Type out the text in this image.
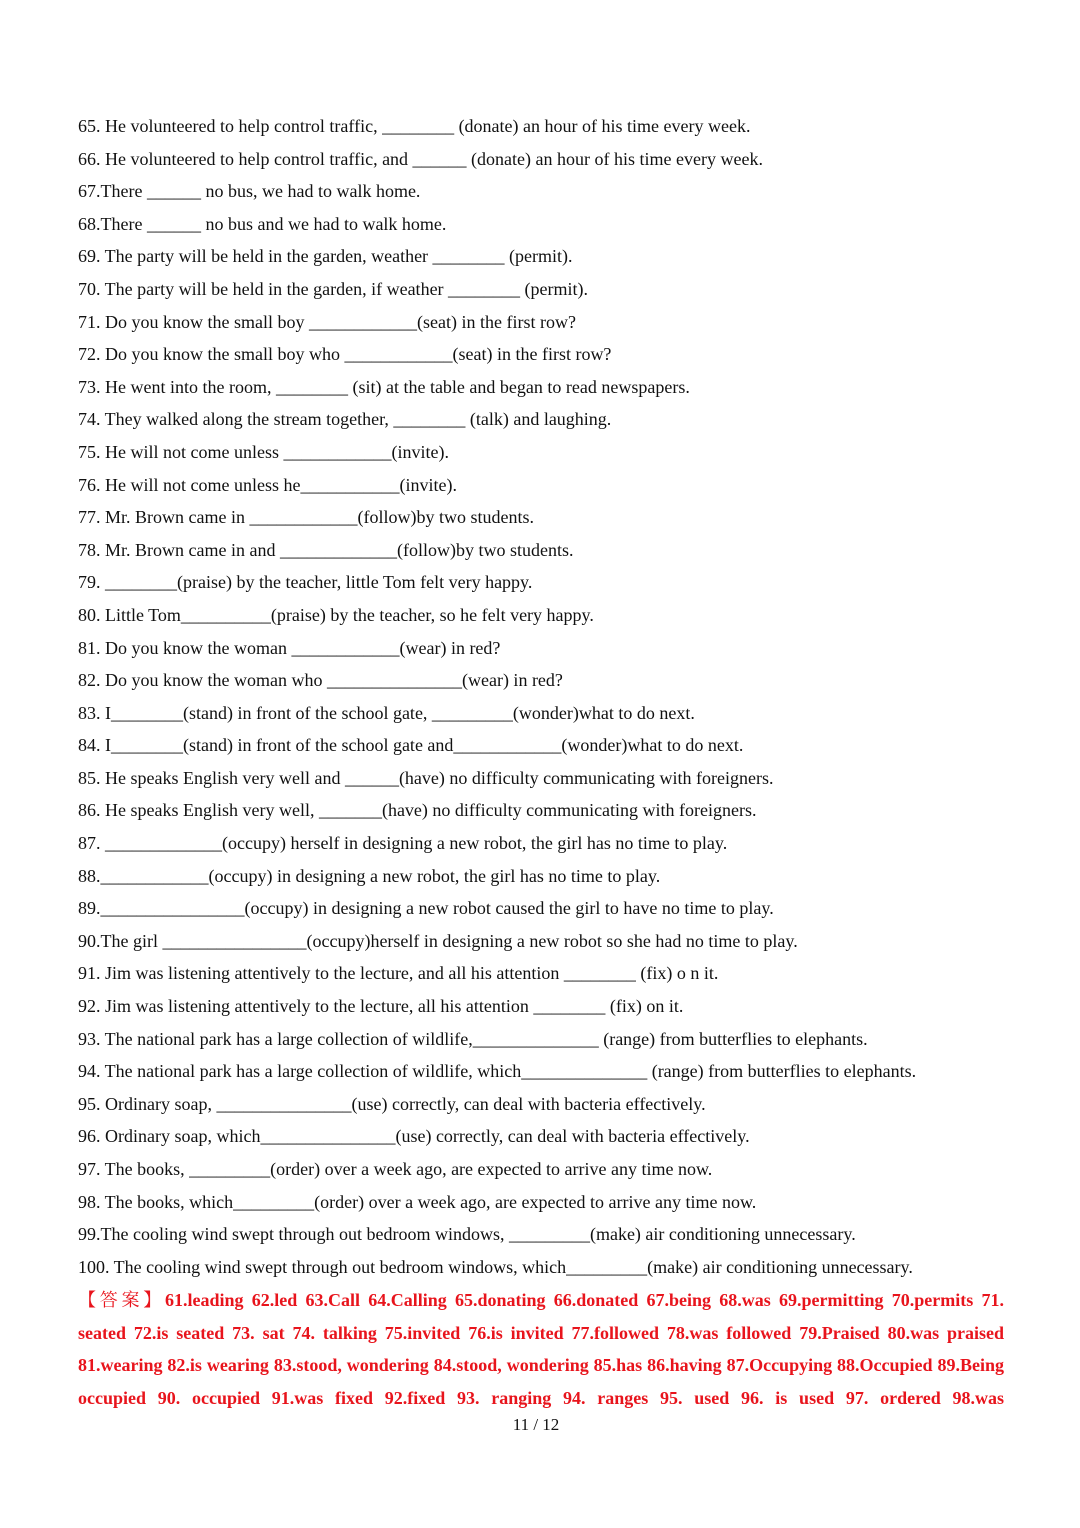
65. He volunteered to help control traffic, ________ (donate) an hour of his time every week.
66. He volunteered to help control traffic, and ______ (donate) an hour of his time every week.
67.There ______ no bus, we had to walk home.
68.There ______ no bus and we had to walk home.
69. The party will be held in the garden, weather ________ (permit).
70. The party will be held in the garden, if weather ________ (permit).
71. Do you know the small boy ____________(seat) in the first row?
72. Do you know the small boy who ____________(seat) in the first row?
73. He went into the room, ________ (sit) at the table and began to read newspapers.
74. They walked along the stream together, ________ (talk) and laughing.
75. He will not come unless ____________(invite).
76. He will not come unless he___________(invite).
77. Mr. Brown came in ____________(follow)by two students.
78. Mr. Brown came in and _____________(follow)by two students.
79. ________(praise) by the teacher, little Tom felt very happy.
80. Little Tom__________(praise) by the teacher, so he felt very happy.
81. Do you know the woman ____________(wear) in red?
82. Do you know the woman who _______________(wear) in red?
83. I________(stand) in front of the school gate, _________(wonder)what to do next.
84. I________(stand) in front of the school gate and____________(wonder)what to do next.
85. He speaks English very well and ______(have) no difficulty communicating with foreigners.
86. He speaks English very well, _______(have) no difficulty communicating with foreigners.
87. _____________(occupy) herself in designing a new robot, the girl has no time to play.
88.____________(occupy) in designing a new robot, the girl has no time to play.
89.________________(occupy) in designing a new robot caused the girl to have no time to play.
90.The girl ________________(occupy)herself in designing a new robot so she had no time to play.
91. Jim was listening attentively to the lecture, and all his attention ________ (fix) o n it.
92. Jim was listening attentively to the lecture, all his attention ________ (fix) on it.
93. The national park has a large collection of wildlife,______________ (range) from butterflies to elephants.
94. The national park has a large collection of wildlife, which______________ (range) from butterflies to elephants.
95. Ordinary soap, _______________(use) correctly, can deal with bacteria effectively.
96. Ordinary soap, which_______________(use) correctly, can deal with bacteria effectively.
97. The books, _________(order) over a week ago, are expected to arrive any time now.
98. The books, which_________(order) over a week ago, are expected to arrive any time now.
99.The cooling wind swept through out bedroom windows, _________(make) air conditioning unnecessary.
100. The cooling wind swept through out bedroom windows, which_________(make) air conditioning unnecessary.

【答案】61.leading 62.led 63.Call 64.Calling 65.donating 66.donated 67.being 68.was 69.permitting 70.permits 71. seated 72.is seated 73. sat 74. talking 75.invited 76.is invited 77.followed 78.was followed 79.Praised 80.was praised 81.wearing 82.is wearing 83.stood, wondering 84.stood, wondering 85.has 86.having 87.Occupying 88.Occupied 89.Being occupied 90. occupied 91.was fixed 92.fixed 93. ranging 94. ranges 95. used 96. is used 97. ordered 98.was

11 / 12
